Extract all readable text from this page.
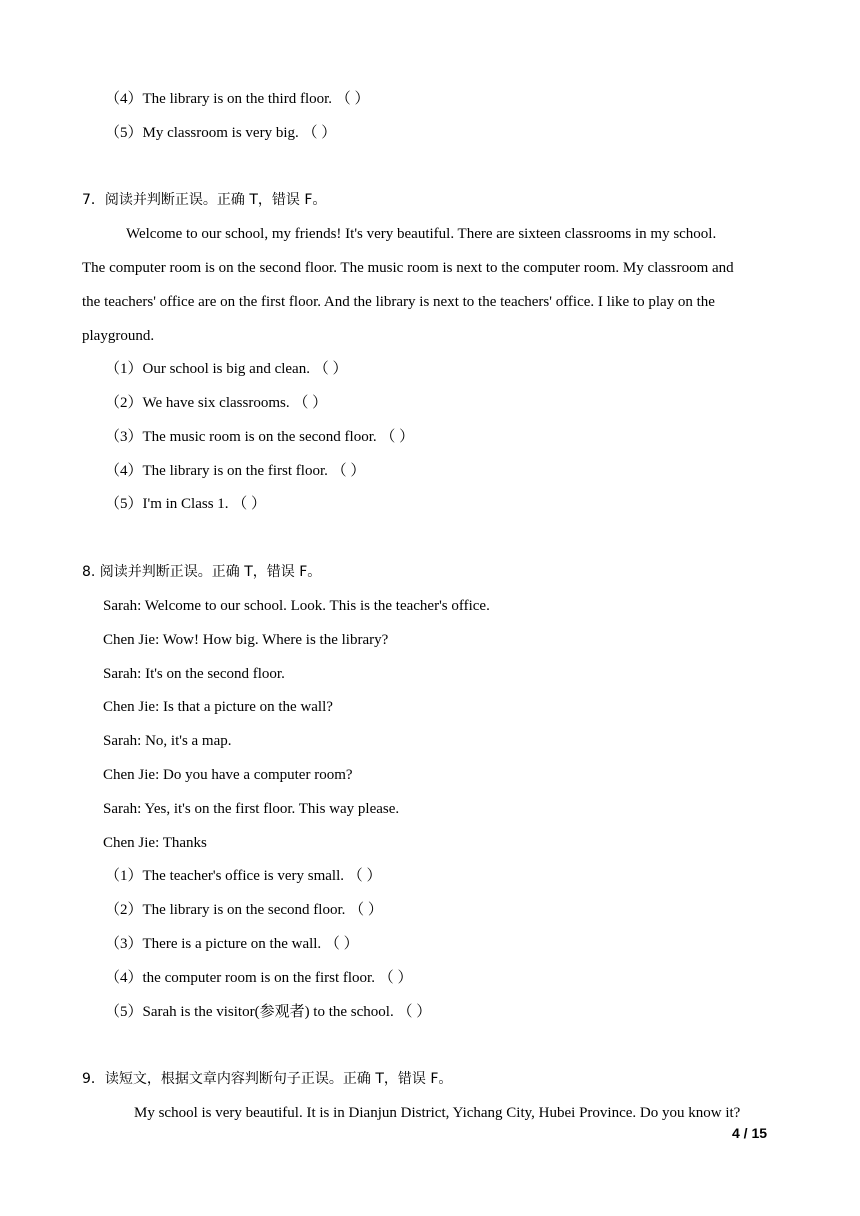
（4）The library is on the third floor. （ ）
（5）My classroom is very big. （ ）
7．阅读并判断正误。正确 T，错误 F。
Welcome to our school, my friends! It's very beautiful. There are sixteen classrooms in my school.
The computer room is on the second floor. The music room is next to the computer room. My classroom and
the teachers' office are on the first floor. And the library is next to the teachers' office. I like to play on the
playground.
（1）Our school is big and clean. （ ）
（2）We have six classrooms. （ ）
（3）The music room is on the second floor. （ ）
（4）The library is on the first floor. （ ）
（5）I'm in Class 1. （ ）
8. 阅读并判断正误。正确 T，错误 F。
Sarah: Welcome to our school. Look. This is the teacher's office.
Chen Jie: Wow! How big. Where is the library?
Sarah: It's on the second floor.
Chen Jie: Is that a picture on the wall?
Sarah: No, it's a map.
Chen Jie: Do you have a computer room?
Sarah: Yes, it's on the first floor. This way please.
Chen Jie: Thanks
（1）The teacher's office is very small. （ ）
（2）The library is on the second floor. （ ）
（3）There is a picture on the wall. （ ）
（4）the computer room is on the first floor. （ ）
（5）Sarah is the visitor(参观者) to the school. （ ）
9．读短文，根据文章内容判断句子正误。正确 T，错误 F。
My school is very beautiful. It is in Dianjun District, Yichang City, Hubei Province. Do you know it?
4 / 15
